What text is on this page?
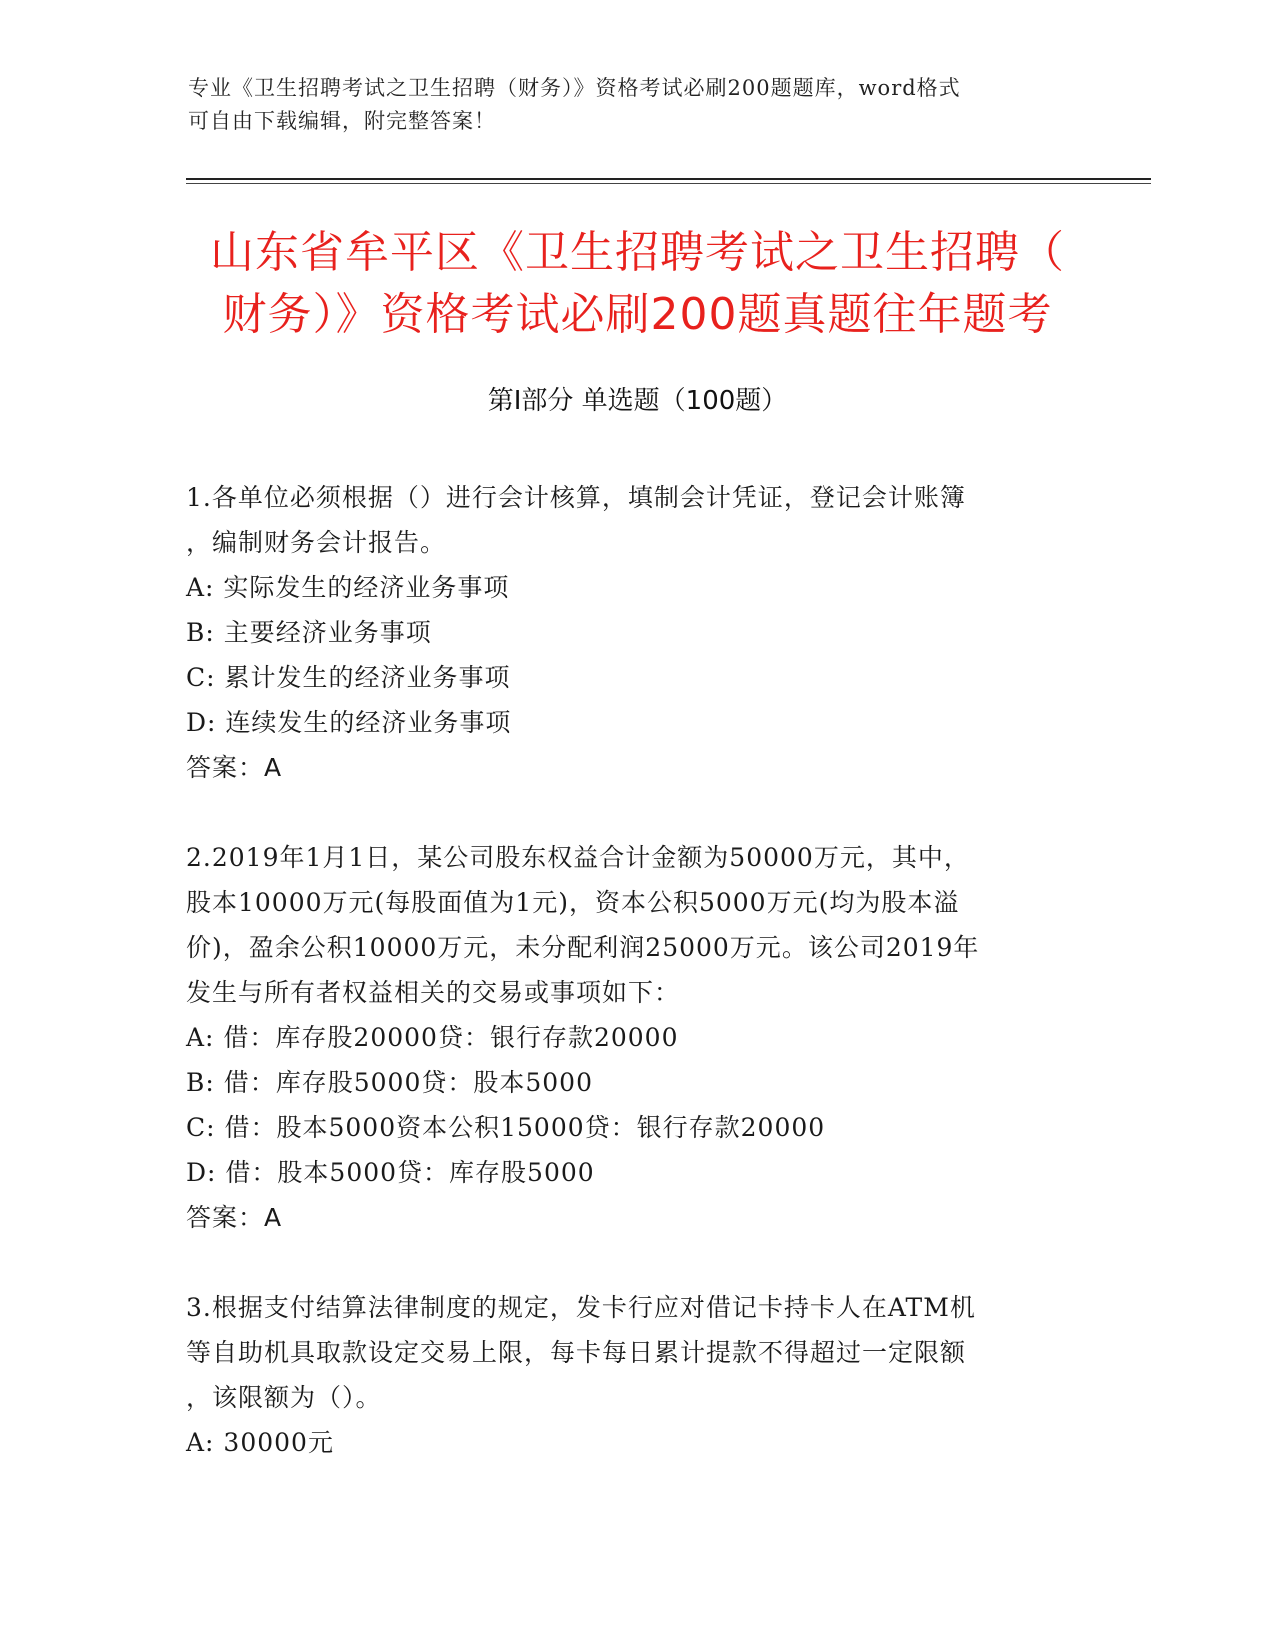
专业《卫生招聘考试之卫生招聘（财务）》资格考试必刷200题题库，word格式

可自由下载编辑，附完整答案！

山东省牟平区《卫生招聘考试之卫生招聘（

财务）》资格考试必刷200题真题往年题考

第I部分 单选题（100题）

1.各单位必须根据（）进行会计核算，填制会计凭证，登记会计账簿

，编制财务会计报告。

A: 实际发生的经济业务事项

B: 主要经济业务事项

C: 累计发生的经济业务事项

D: 连续发生的经济业务事项

答案：A

2.2019年1月1日，某公司股东权益合计金额为50000万元，其中，

股本10000万元(每股面值为1元)，资本公积5000万元(均为股本溢

价)，盈余公积10000万元，未分配利润25000万元。该公司2019年

发生与所有者权益相关的交易或事项如下：

A: 借：库存股20000贷：银行存款20000

B: 借：库存股5000贷：股本5000

C: 借：股本5000资本公积15000贷：银行存款20000

D: 借：股本5000贷：库存股5000

答案：A

3.根据支付结算法律制度的规定，发卡行应对借记卡持卡人在ATM机

等自助机具取款设定交易上限，每卡每日累计提款不得超过一定限额

，该限额为（）。

A: 30000元
